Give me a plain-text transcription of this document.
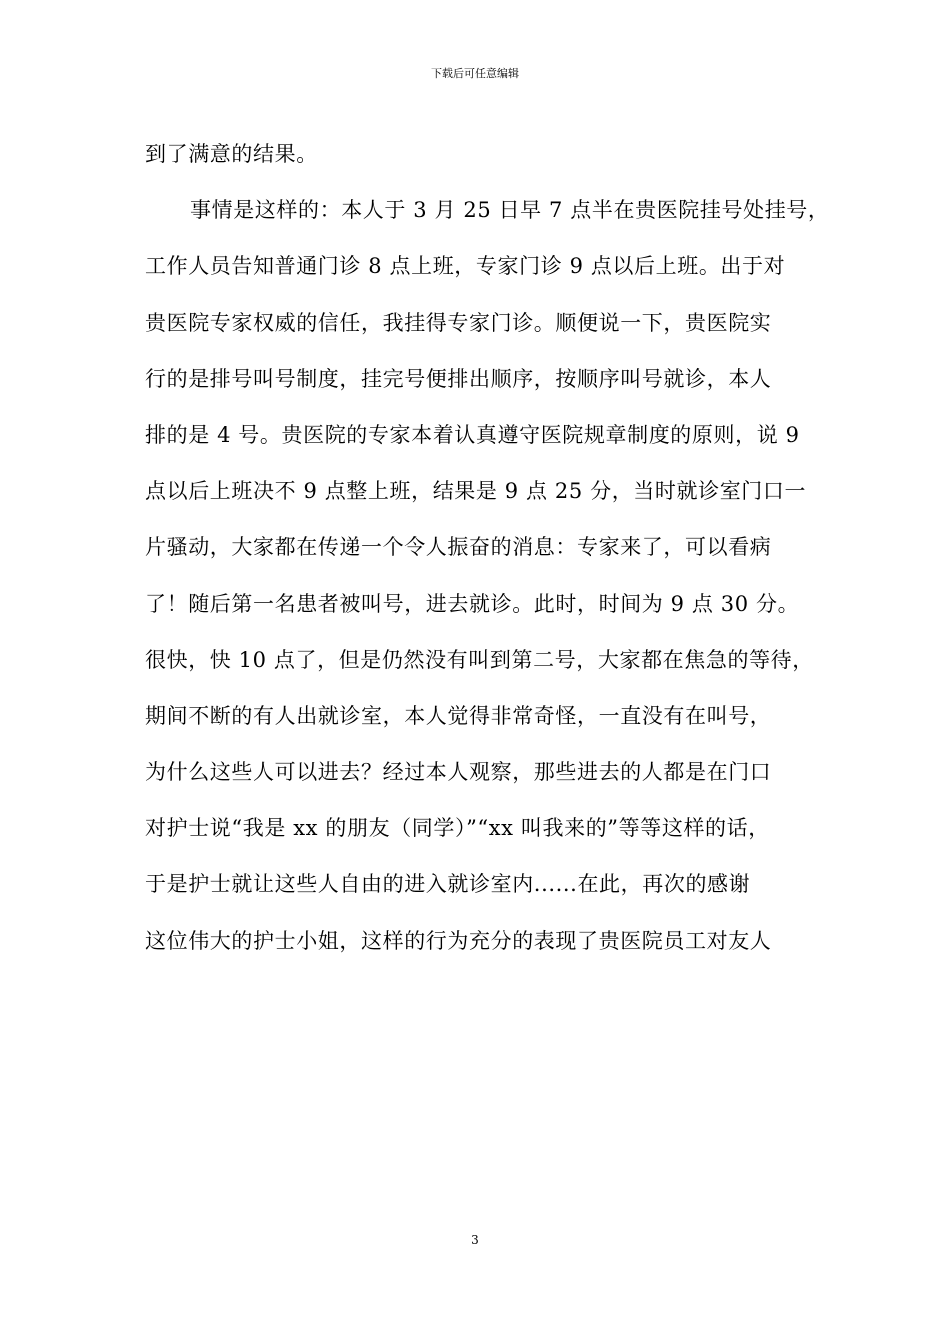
下载后可任意编辑
到了满意的结果。
事情是这样的：本人于 3 月 25 日早 7 点半在贵医院挂号处挂号，
工作人员告知普通门诊 8 点上班，专家门诊 9 点以后上班。出于对
贵医院专家权威的信任，我挂得专家门诊。顺便说一下，贵医院实
行的是排号叫号制度，挂完号便排出顺序，按顺序叫号就诊，本人
排的是 4 号。贵医院的专家本着认真遵守医院规章制度的原则，说 9
点以后上班决不 9 点整上班，结果是 9 点 25 分，当时就诊室门口一
片骚动，大家都在传递一个令人振奋的消息：专家来了，可以看病
了！随后第一名患者被叫号，进去就诊。此时，时间为 9 点 30 分。
很快，快 10 点了，但是仍然没有叫到第二号，大家都在焦急的等待，
期间不断的有人出就诊室，本人觉得非常奇怪，一直没有在叫号，
为什么这些人可以进去？经过本人观察，那些进去的人都是在门口
对护士说“我是 xx 的朋友（同学）”“xx 叫我来的”等等这样的话，
于是护士就让这些人自由的进入就诊室内......在此，再次的感谢
这位伟大的护士小姐，这样的行为充分的表现了贵医院员工对友人
3
